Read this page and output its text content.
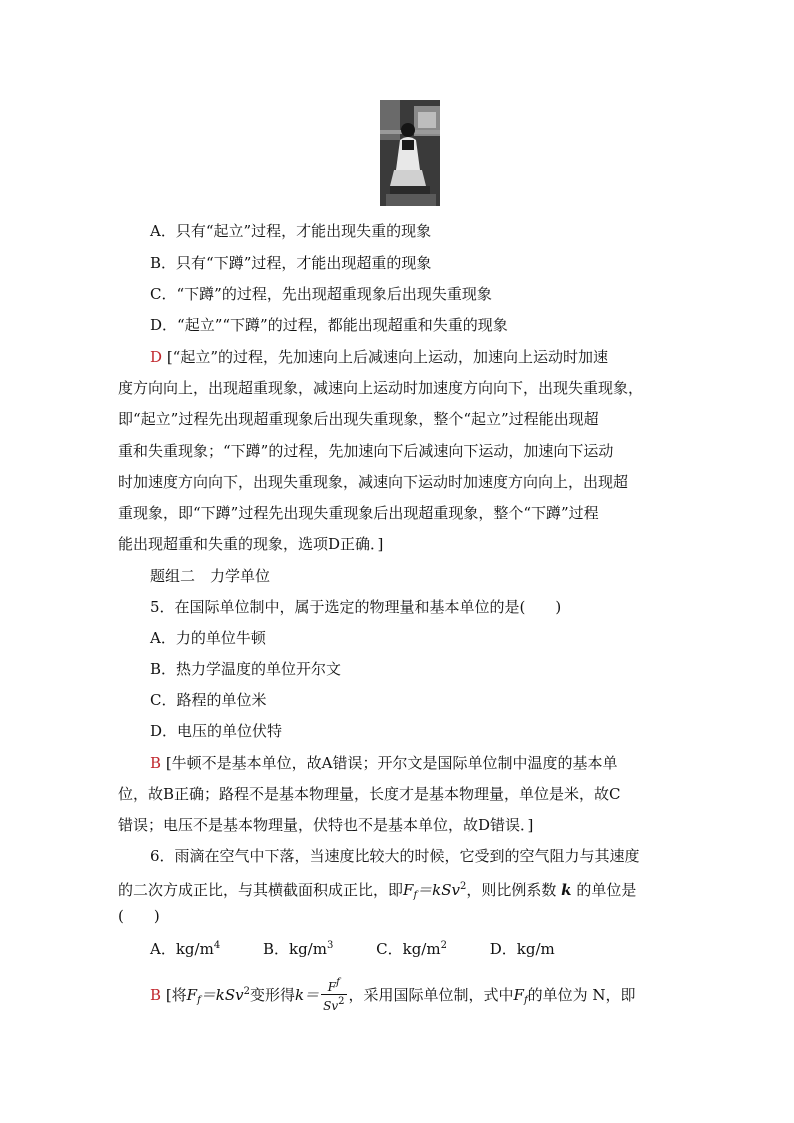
A．只有“起立”过程，才能出现失重的现象
B．只有“下蹲”过程，才能出现超重的现象
C．“下蹲”的过程，先出现超重现象后出现失重现象
D．“起立”“下蹲”的过程，都能出现超重和失重的现象
D [“起立”的过程，先加速向上后减速向上运动，加速向上运动时加速
度方向向上，出现超重现象，减速向上运动时加速度方向向下，出现失重现象，
即“起立”过程先出现超重现象后出现失重现象，整个“起立”过程能出现超
重和失重现象；“下蹲”的过程，先加速向下后减速向下运动，加速向下运动
时加速度方向向下，出现失重现象，减速向下运动时加速度方向向上，出现超
重现象，即“下蹲”过程先出现失重现象后出现超重现象，整个“下蹲”过程
能出现超重和失重的现象，选项D正确．]
题组二　力学单位
5．在国际单位制中，属于选定的物理量和基本单位的是(　　)
A．力的单位牛顿
B．热力学温度的单位开尔文
C．路程的单位米
D．电压的单位伏特
B [牛顿不是基本单位，故A错误；开尔文是国际单位制中温度的基本单
位，故B正确；路程不是基本物理量，长度才是基本物理量，单位是米，故C
错误；电压不是基本物理量，伏特也不是基本单位，故D错误．]
6．雨滴在空气中下落，当速度比较大的时候，它受到的空气阻力与其速度
的二次方成正比，与其横截面积成正比，即$F_f=kSv^2$，则比例系数 k 的单位是
(　　)
A．$kg/m^4$	B．$kg/m^3$	C．$kg/m^2$	D．kg/m
B [将$F_f=kSv^2$变形得$k= \frac{F^f}{Sv^2}$ ，采用国际单位制，式中$F_f$的单位为 N，即
